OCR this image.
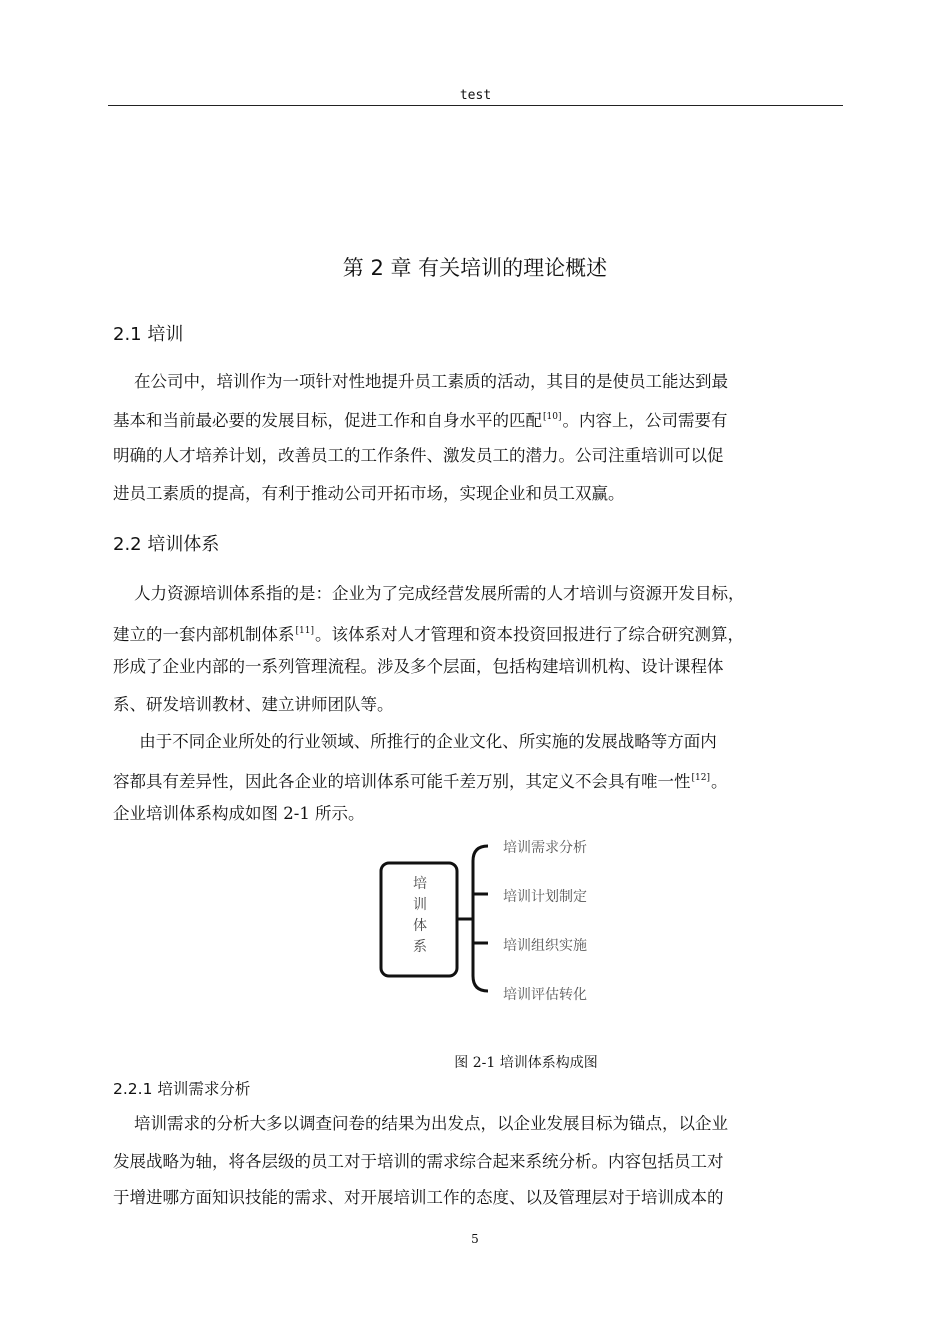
test
第 2 章 有关培训的理论概述
2.1 培训
在公司中，培训作为一项针对性地提升员工素质的活动，其目的是使员工能达到最
基本和当前最必要的发展目标，促进工作和自身水平的匹配[10]。内容上，公司需要有
明确的人才培养计划，改善员工的工作条件、激发员工的潜力。公司注重培训可以促
进员工素质的提高，有利于推动公司开拓市场，实现企业和员工双赢。
2.2 培训体系
人力资源培训体系指的是：企业为了完成经营发展所需的人才培训与资源开发目标，
建立的一套内部机制体系[11]。该体系对人才管理和资本投资回报进行了综合研究测算，
形成了企业内部的一系列管理流程。涉及多个层面，包括构建培训机构、设计课程体
系、研发培训教材、建立讲师团队等。
由于不同企业所处的行业领域、所推行的企业文化、所实施的发展战略等方面内
容都具有差异性，因此各企业的培训体系可能千差万别，其定义不会具有唯一性[12]。
企业培训体系构成如图 2-1 所示。
培
训
体
系
培训需求分析
培训计划制定
培训组织实施
培训评估转化
图 2-1 培训体系构成图
2.2.1 培训需求分析
培训需求的分析大多以调查问卷的结果为出发点，以企业发展目标为锚点，以企业
发展战略为轴，将各层级的员工对于培训的需求综合起来系统分析。内容包括员工对
于增进哪方面知识技能的需求、对开展培训工作的态度、以及管理层对于培训成本的
5
